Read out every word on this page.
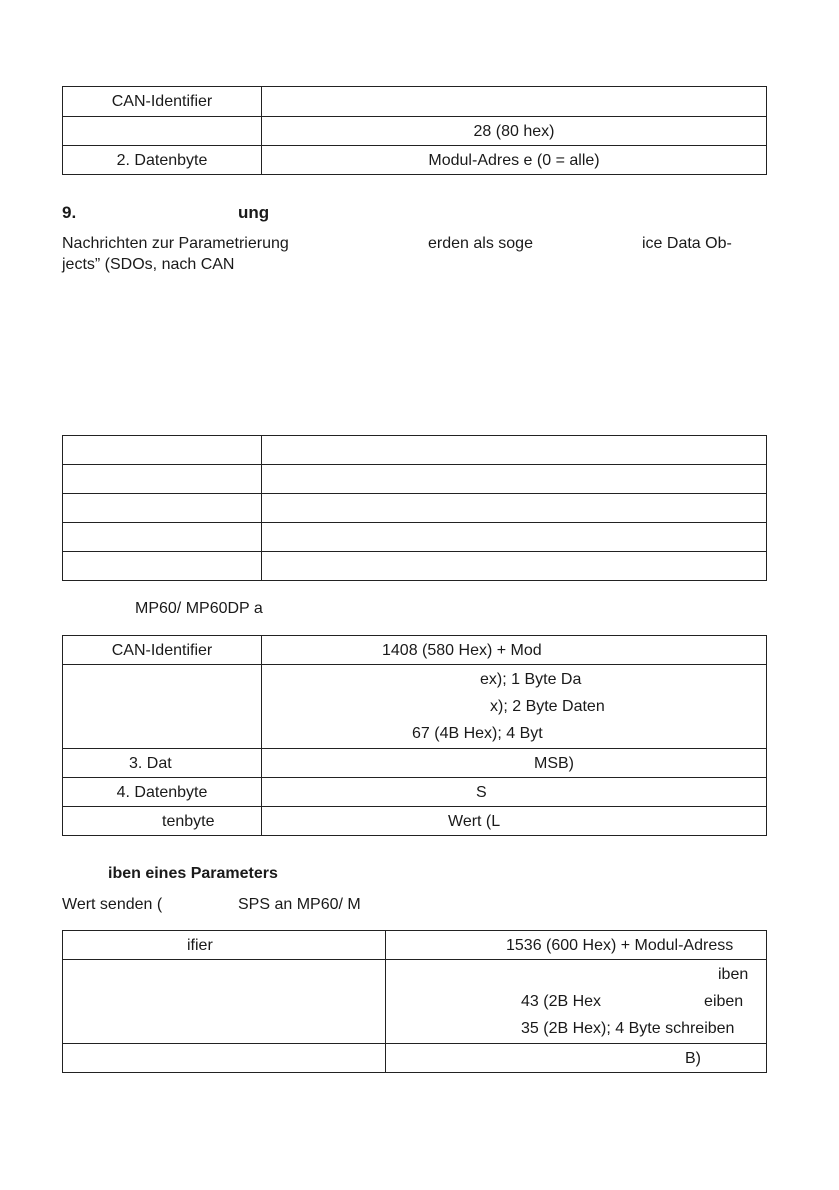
CAN-Identifier	
	28 (80 hex)
2. Datenbyte	Modul-Adres e (0 = alle)
9.	ung
Nachrichten zur Parametrierung	erden als soge	ice Data Ob-
jects” (SDOs, nach CAN

MP60/ MP60DP a
CAN-Identifier	1408 (580 Hex) + Mod

	ex); 1 Byte Da
x); 2 Byte Daten
67 (4B Hex); 4 Byt

3. Dat	MSB)
4. Datenbyte	S
tenbyte	Wert (L
iben eines Parameters
Wert senden (	SPS an MP60/ M
ifier	1536 (600 Hex) + Modul-Adress

	iben
43 (2B Hex eiben
35 (2B Hex); 4 Byte schreiben

	B)
